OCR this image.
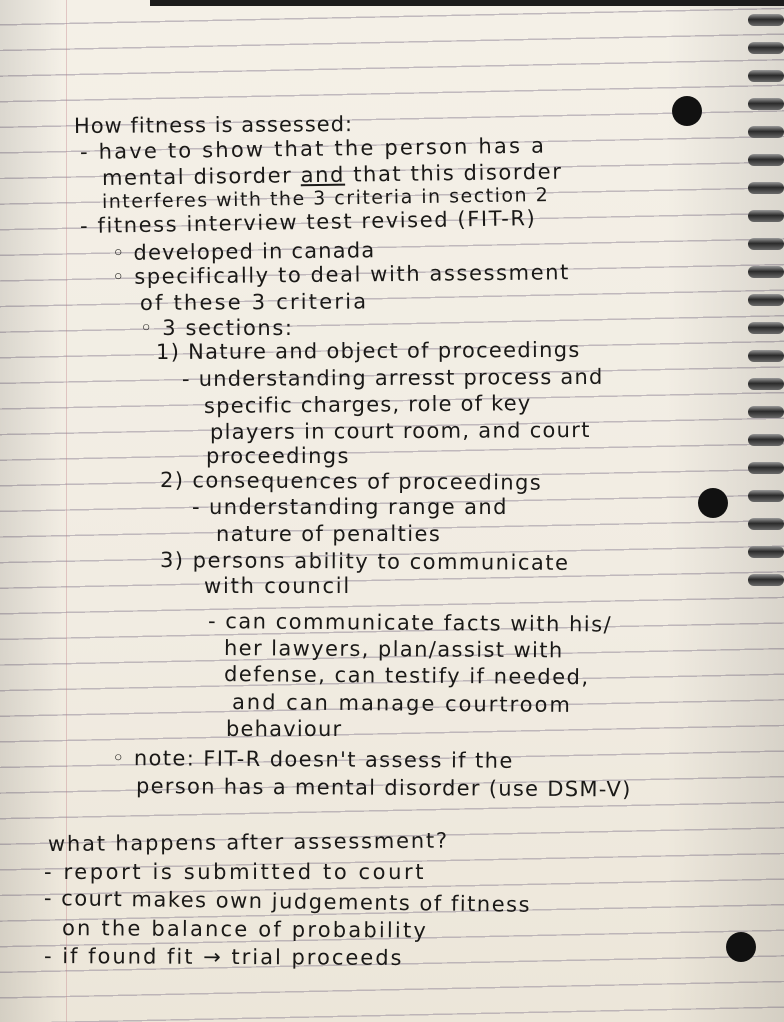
How fitness is assessed:
- have to show that the person has a
mental disorder and that this disorder
interferes with the 3 criteria in section 2
- fitness interview test revised (FIT-R)
◦ developed in canada
◦ specifically to deal with assessment
of these 3 criteria
◦ 3 sections:
1) Nature and object of proceedings
- understanding arresst process and
specific charges, role of key
players in court room, and court
proceedings
2) consequences of proceedings
- understanding range and
nature of penalties
3) persons ability to communicate
with council
- can communicate facts with his/
her lawyers, plan/assist with
defense, can testify if needed,
and can manage courtroom
behaviour
◦ note: FIT-R doesn't assess if the
person has a mental disorder (use DSM-V)
what happens after assessment?
- report is submitted to court
- court makes own judgements of fitness
on the balance of probability
- if found fit → trial proceeds
